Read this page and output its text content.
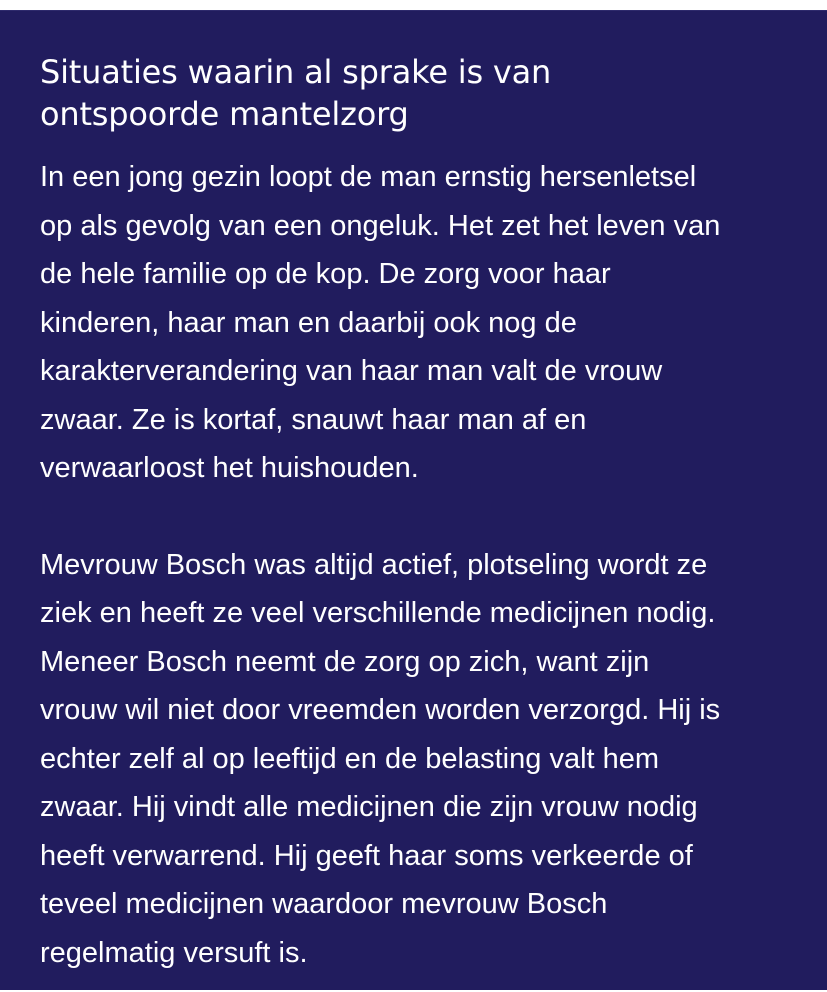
Situaties waarin al sprake is van
ontspoorde mantelzorg

In een jong gezin loopt de man ernstig hersenletsel
op als gevolg van een ongeluk. Het zet het leven van
de hele familie op de kop. De zorg voor haar
kinderen, haar man en daarbij ook nog de
karakterverandering van haar man valt de vrouw
zwaar. Ze is kortaf, snauwt haar man af en
verwaarloost het huishouden.

Mevrouw Bosch was altijd actief, plotseling wordt ze
ziek en heeft ze veel verschillende medicijnen nodig.
Meneer Bosch neemt de zorg op zich, want zijn
vrouw wil niet door vreemden worden verzorgd. Hij is
echter zelf al op leeftijd en de belasting valt hem
zwaar. Hij vindt alle medicijnen die zijn vrouw nodig
heeft verwarrend. Hij geeft haar soms verkeerde of
teveel medicijnen waardoor mevrouw Bosch
regelmatig versuft is.
